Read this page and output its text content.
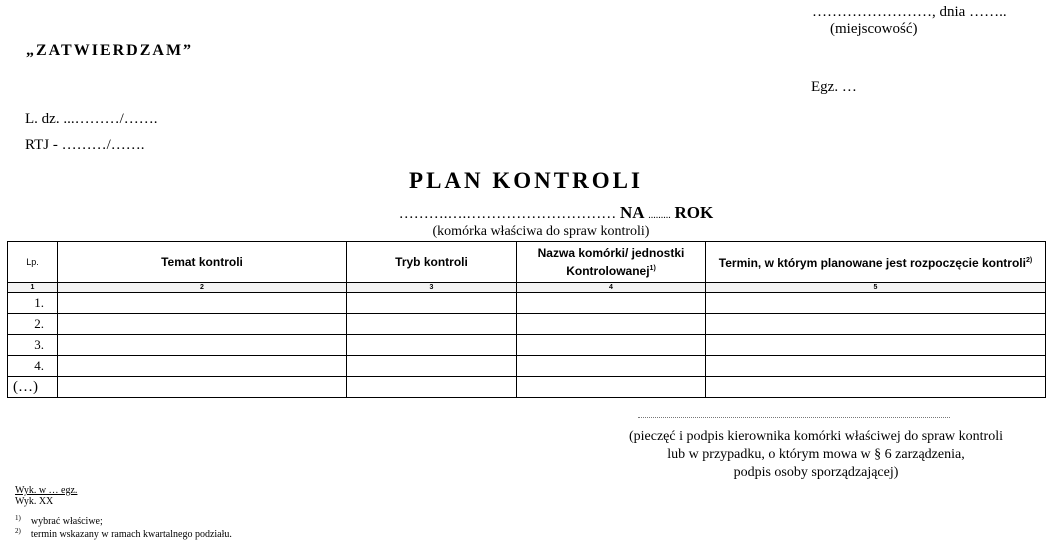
……………………, dnia ……..
(miejscowość)
„ZATWIERDZAM”
Egz. …
L. dz. ...………/…….
RTJ - ………/…….
PLAN KONTROLI
……….….………………………… NA ......... ROK
(komórka właściwa do spraw kontroli)
Lp.	Temat kontroli	Tryb kontroli	Nazwa komórki/ jednostki Kontrolowanej$^{1)}$	Termin, w którym planowane jest rozpoczęcie kontroli$^{2)}$
1	2	3	4	5
1.				
2.				
3.				
4.				
(…)				
(pieczęć i podpis kierownika komórki właściwej do spraw kontroli
lub w przypadku, o którym mowa w § 6 zarządzenia,
podpis osoby sporządzającej)
Wyk. w … egz.
Wyk. XX
$^{1)}$ wybrać właściwe;
$^{2)}$ termin wskazany w ramach kwartalnego podziału.
